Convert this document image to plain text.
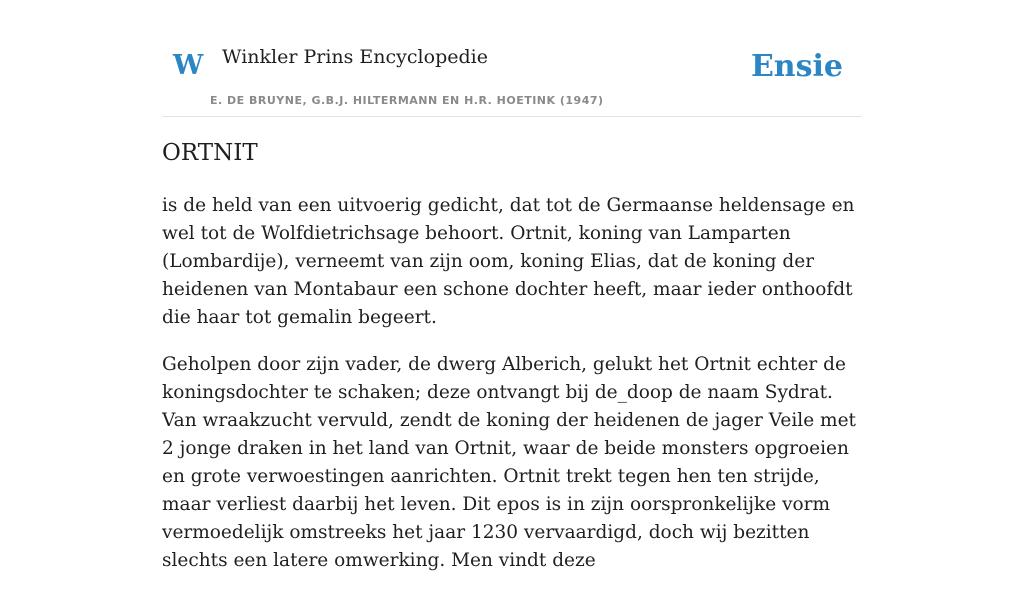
W Winkler Prins Encyclopedie
E. DE BRUYNE, G.B.J. HILTERMANN EN H.R. HOETINK (1947)
Ensie
ORTNIT

is de held van een uitvoerig gedicht, dat tot de Germaanse heldensage en wel tot de Wolfdietrichsage behoort. Ortnit, koning van Lamparten (Lombardije), verneemt van zijn oom, koning Elias, dat de koning der heidenen van Montabaur een schone dochter heeft, maar ieder onthoofdt die haar tot gemalin begeert.

Geholpen door zijn vader, de dwerg Alberich, gelukt het Ortnit echter de koningsdochter te schaken; deze ontvangt bij de_doop de naam Sydrat. Van wraakzucht vervuld, zendt de koning der heidenen de jager Veile met 2 jonge draken in het land van Ortnit, waar de beide monsters opgroeien en grote verwoestingen aanrichten. Ortnit trekt tegen hen ten strijde, maar verliest daarbij het leven. Dit epos is in zijn oorspronkelijke vorm vermoedelijk omstreeks het jaar 1230 vervaardigd, doch wij bezitten slechts een latere omwerking. Men vindt deze
